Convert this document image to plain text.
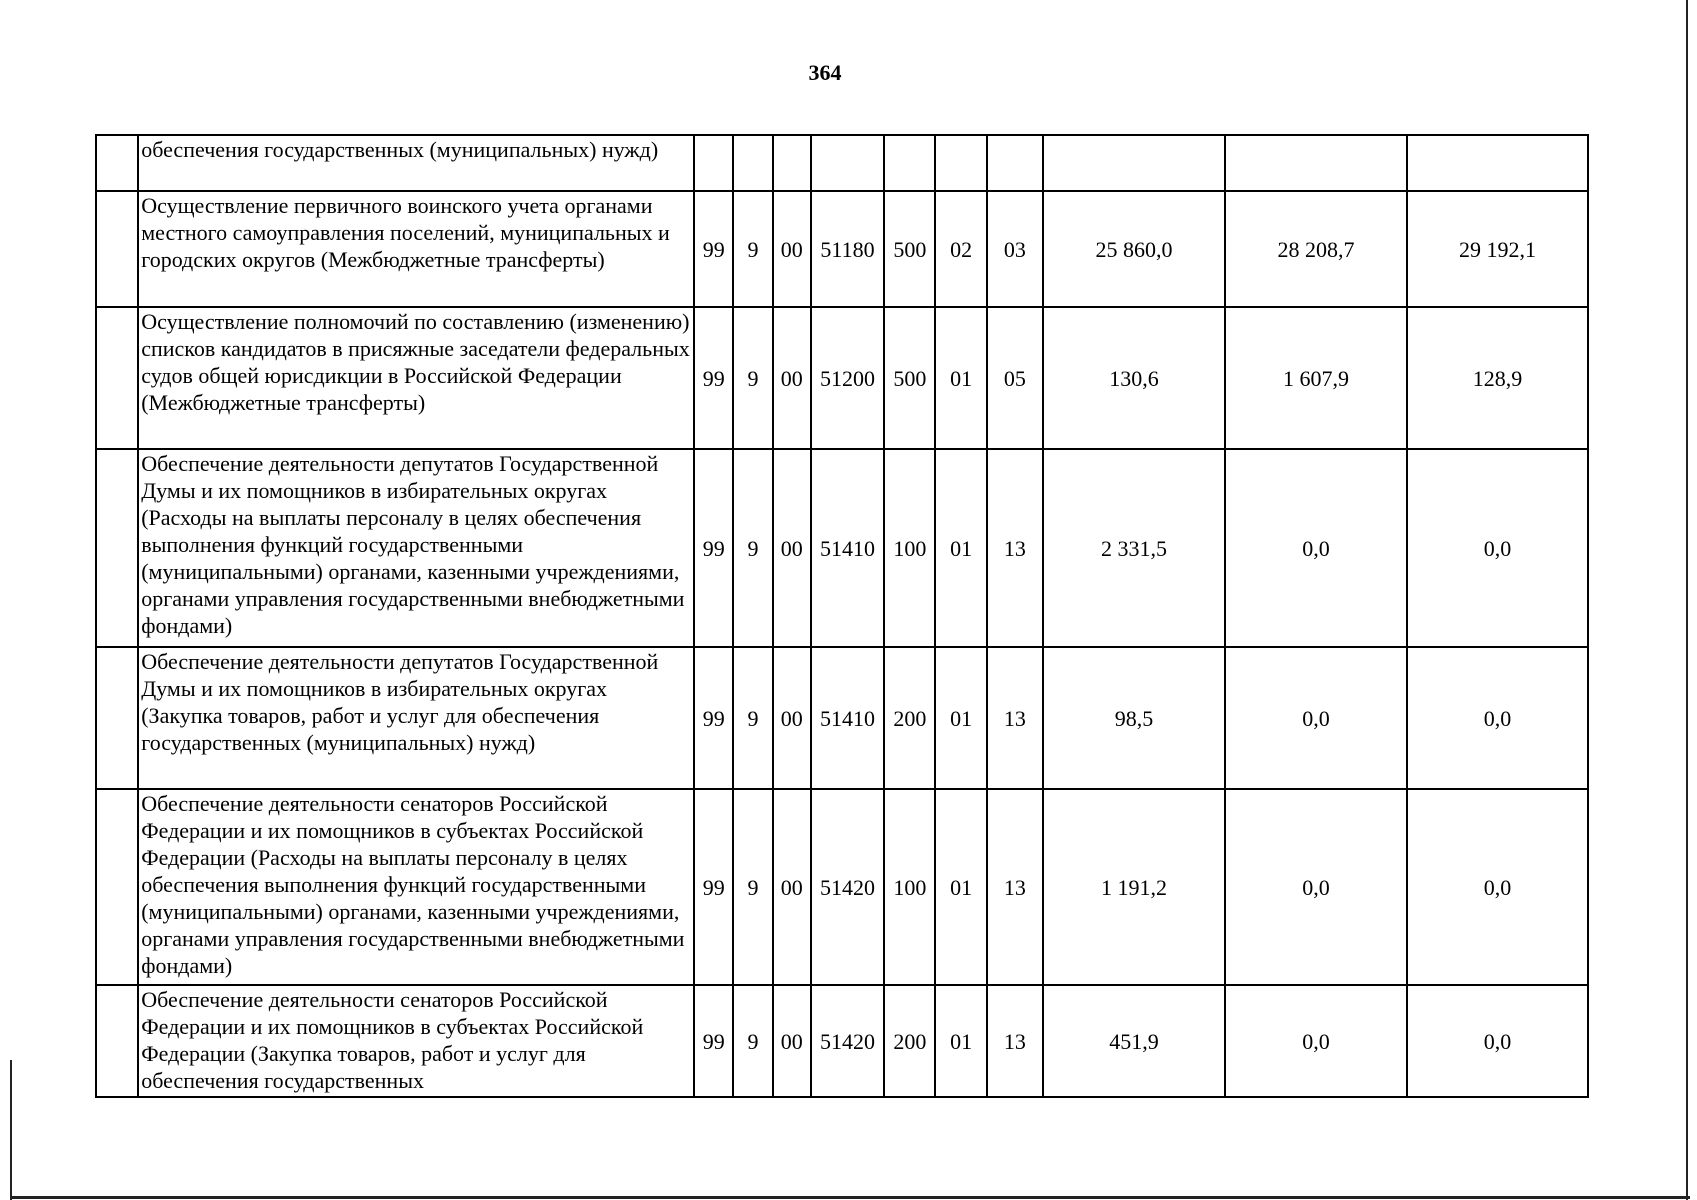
364
	обеспечения государственных (муниципальных) нужд)										
	Осуществление первичного воинского учета органами местного самоуправления поселений, муниципальных и городских округов (Межбюджетные трансферты)	99	9	00	51180	500	02	03	25 860,0	28 208,7	29 192,1
	Осуществление полномочий по составлению (изменению) списков кандидатов в присяжные заседатели федеральных судов общей юрисдикции в Российской Федерации (Межбюджетные трансферты)	99	9	00	51200	500	01	05	130,6	1 607,9	128,9
	Обеспечение деятельности депутатов Государственной Думы и их помощников в избирательных округах (Расходы на выплаты персоналу в целях обеспечения выполнения функций государственными (муниципальными) органами, казенными учреждениями, органами управления государственными внебюджетными фондами)	99	9	00	51410	100	01	13	2 331,5	0,0	0,0
	Обеспечение деятельности депутатов Государственной Думы и их помощников в избирательных округах (Закупка товаров, работ и услуг для обеспечения государственных (муниципальных) нужд)	99	9	00	51410	200	01	13	98,5	0,0	0,0
	Обеспечение деятельности сенаторов Российской Федерации и их помощников в субъектах Российской Федерации (Расходы на выплаты персоналу в целях обеспечения выполнения функций государственными (муниципальными) органами, казенными учреждениями, органами управления государственными внебюджетными фондами)	99	9	00	51420	100	01	13	1 191,2	0,0	0,0
	Обеспечение деятельности сенаторов Российской Федерации и их помощников в субъектах Российской Федерации (Закупка товаров, работ и услуг для обеспечения государственных	99	9	00	51420	200	01	13	451,9	0,0	0,0
